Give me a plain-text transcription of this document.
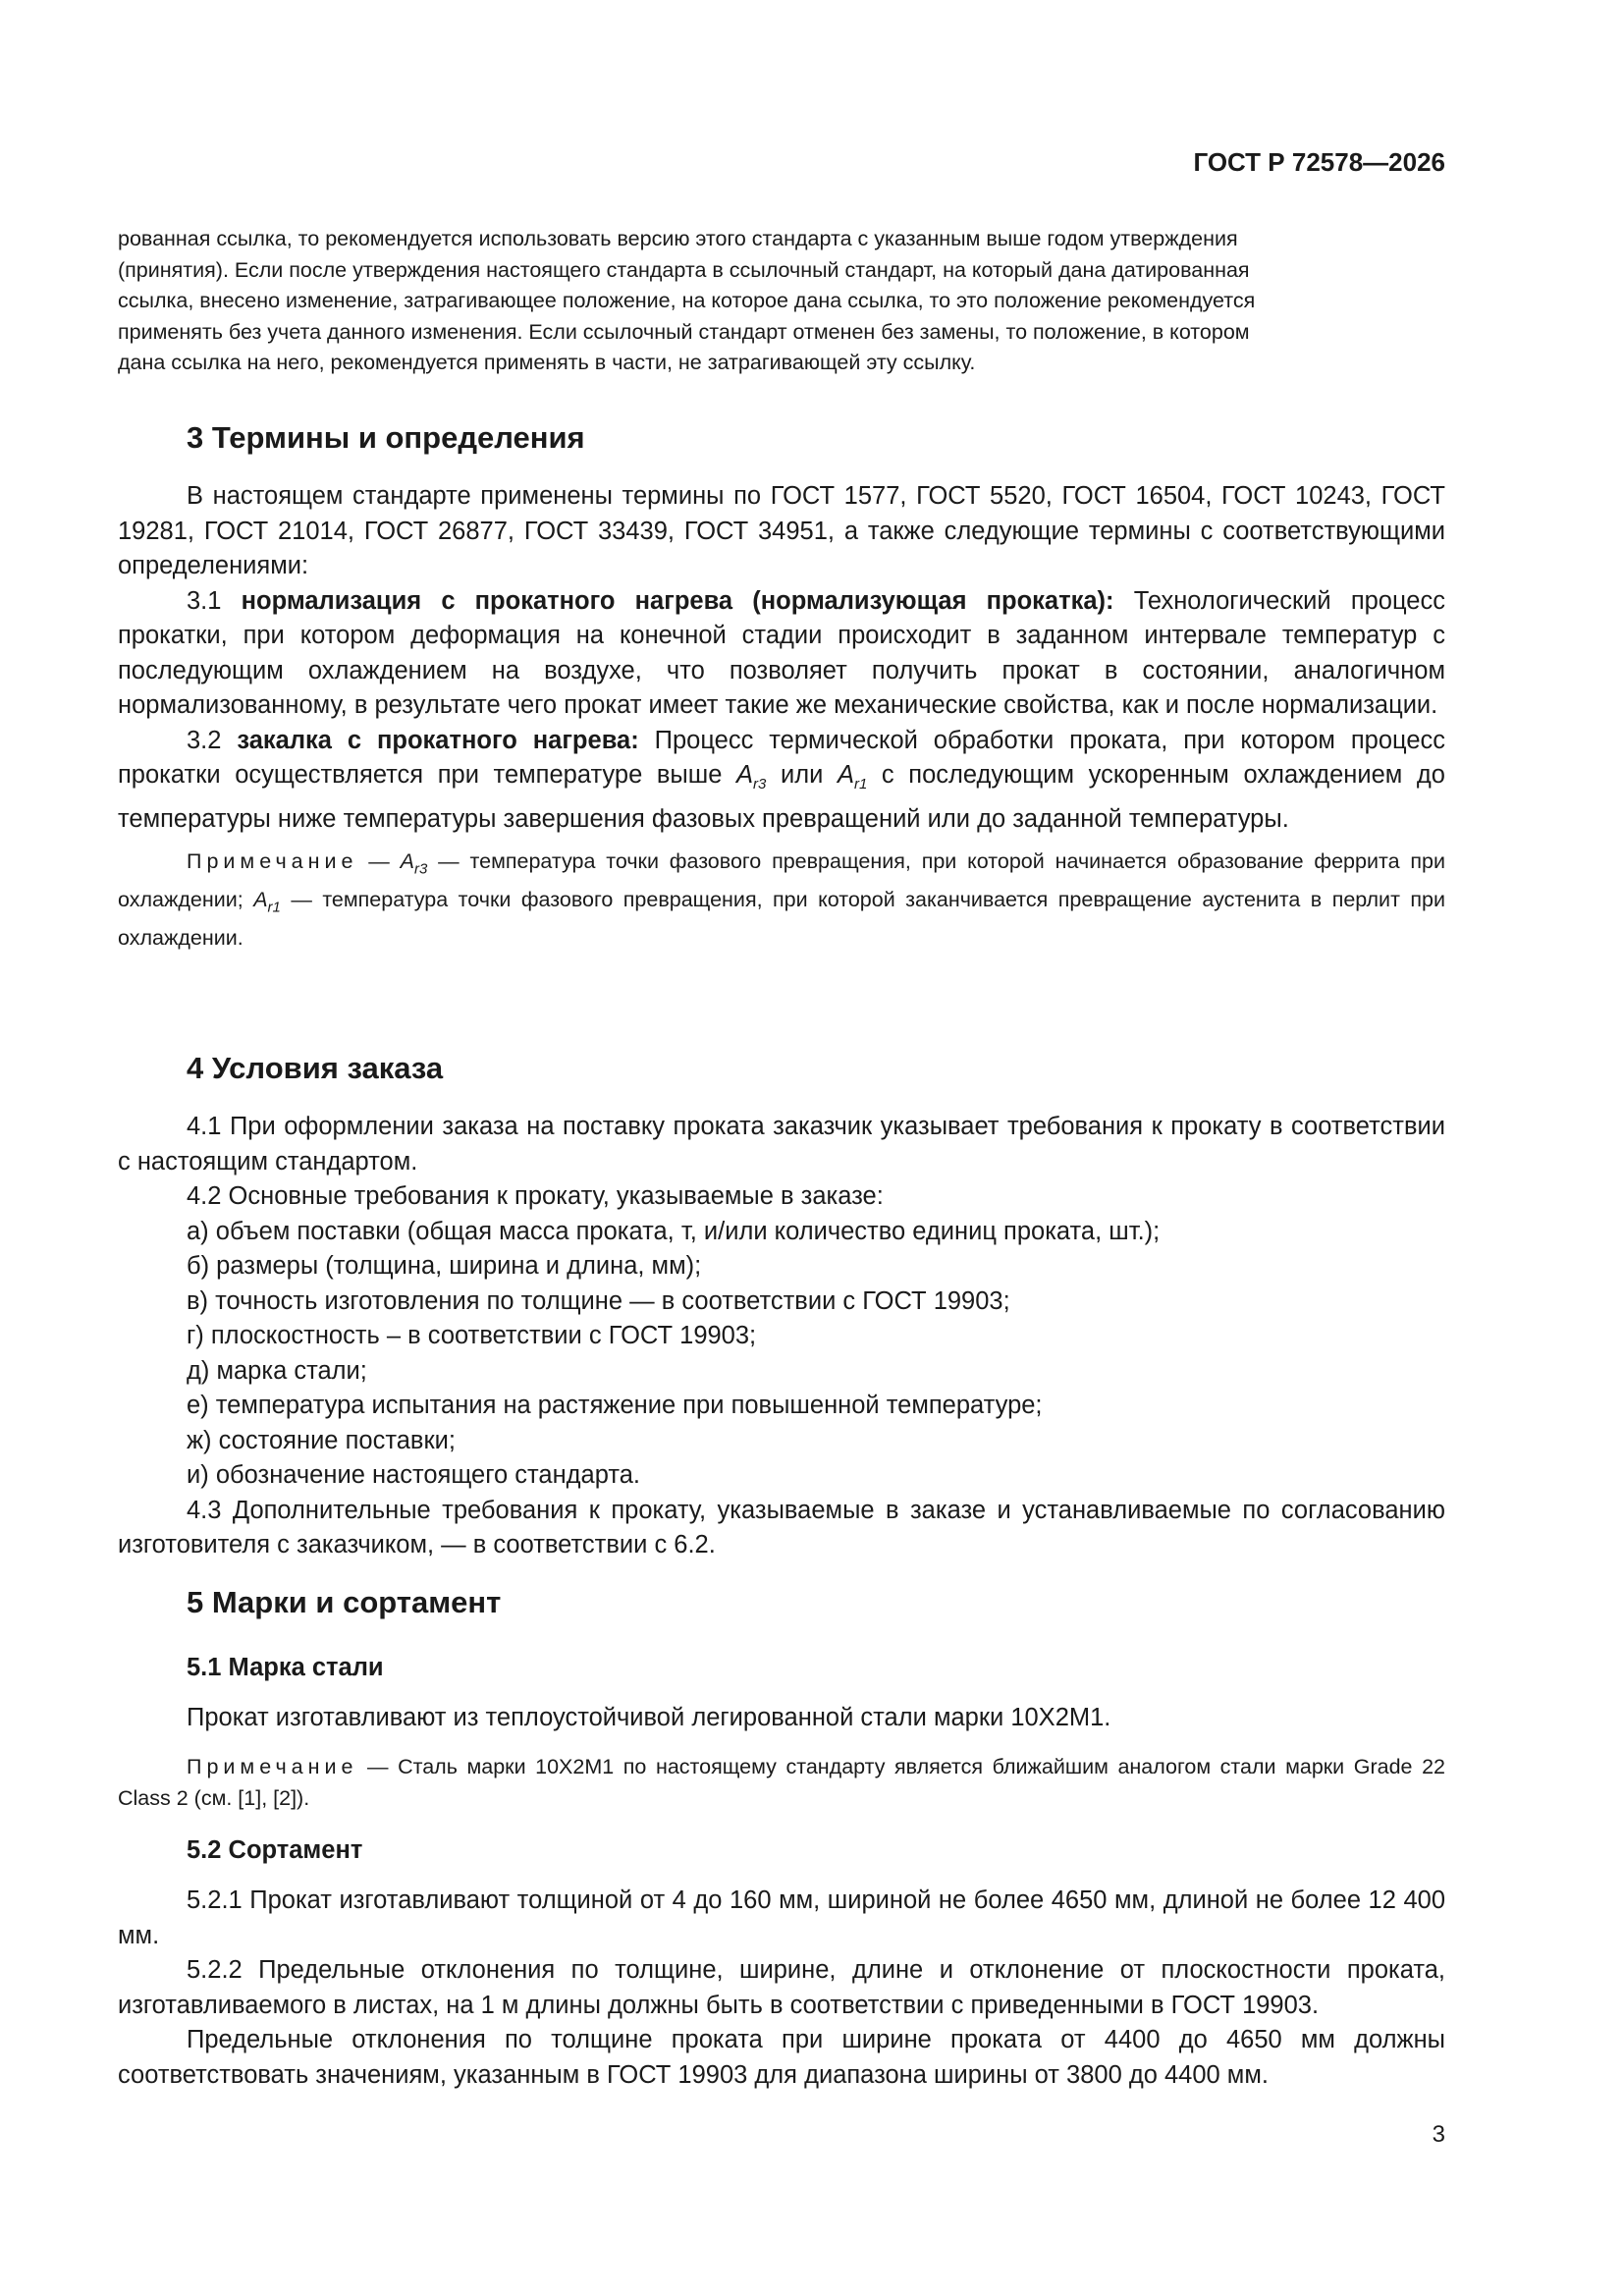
ГОСТ Р 72578—2026
рованная ссылка, то рекомендуется использовать версию этого стандарта с указанным выше годом утверждения
(принятия). Если после утверждения настоящего стандарта в ссылочный стандарт, на который дана датированная
ссылка, внесено изменение, затрагивающее положение, на которое дана ссылка, то это положение рекомендуется
применять без учета данного изменения. Если ссылочный стандарт отменен без замены, то положение, в котором
дана ссылка на него, рекомендуется применять в части, не затрагивающей эту ссылку.
3 Термины и определения

В настоящем стандарте применены термины по ГОСТ 1577, ГОСТ 5520, ГОСТ 16504, ГОСТ 10243, ГОСТ 19281, ГОСТ 21014, ГОСТ 26877, ГОСТ 33439, ГОСТ 34951, а также следующие термины с соответствующими определениями:

3.1 нормализация с прокатного нагрева (нормализующая прокатка): Технологический процесс прокатки, при котором деформация на конечной стадии происходит в заданном интервале температур с последующим охлаждением на воздухе, что позволяет получить прокат в состоянии, аналогичном нормализованному, в результате чего прокат имеет такие же механические свойства, как и после нормализации.

3.2 закалка с прокатного нагрева: Процесс термической обработки проката, при котором процесс прокатки осуществляется при температуре выше $A_{r3}$ или $A_{r1}$ с последующим ускоренным охлаждением до температуры ниже температуры завершения фазовых превращений или до заданной температуры.

Примечание — $A_{r3}$ — температура точки фазового превращения, при которой начинается образование феррита при охлаждении; $A_{r1}$ — температура точки фазового превращения, при которой заканчивается превращение аустенита в перлит при охлаждении.

4 Условия заказа

4.1 При оформлении заказа на поставку проката заказчик указывает требования к прокату в соответствии с настоящим стандартом.

4.2 Основные требования к прокату, указываемые в заказе:

а) объем поставки (общая масса проката, т, и/или количество единиц проката, шт.);
б) размеры (толщина, ширина и длина, мм);
в) точность изготовления по толщине — в соответствии с ГОСТ 19903;
г) плоскостность – в соответствии с ГОСТ 19903;
д) марка стали;
е) температура испытания на растяжение при повышенной температуре;
ж) состояние поставки;
и) обозначение настоящего стандарта.

4.3 Дополнительные требования к прокату, указываемые в заказе и устанавливаемые по согласованию изготовителя с заказчиком, — в соответствии с 6.2.

5 Марки и сортамент
5.1 Марка стали

Прокат изготавливают из теплоустойчивой легированной стали марки 10Х2М1.

Примечание — Сталь марки 10Х2М1 по настоящему стандарту является ближайшим аналогом стали марки Grade 22 Class 2 (см. [1], [2]).

5.2 Сортамент

5.2.1 Прокат изготавливают толщиной от 4 до 160 мм, шириной не более 4650 мм, длиной не более 12 400 мм.

5.2.2 Предельные отклонения по толщине, ширине, длине и отклонение от плоскостности проката, изготавливаемого в листах, на 1 м длины должны быть в соответствии с приведенными в ГОСТ 19903.

Предельные отклонения по толщине проката при ширине проката от 4400 до 4650 мм должны соответствовать значениям, указанным в ГОСТ 19903 для диапазона ширины от 3800 до 4400 мм.

3
